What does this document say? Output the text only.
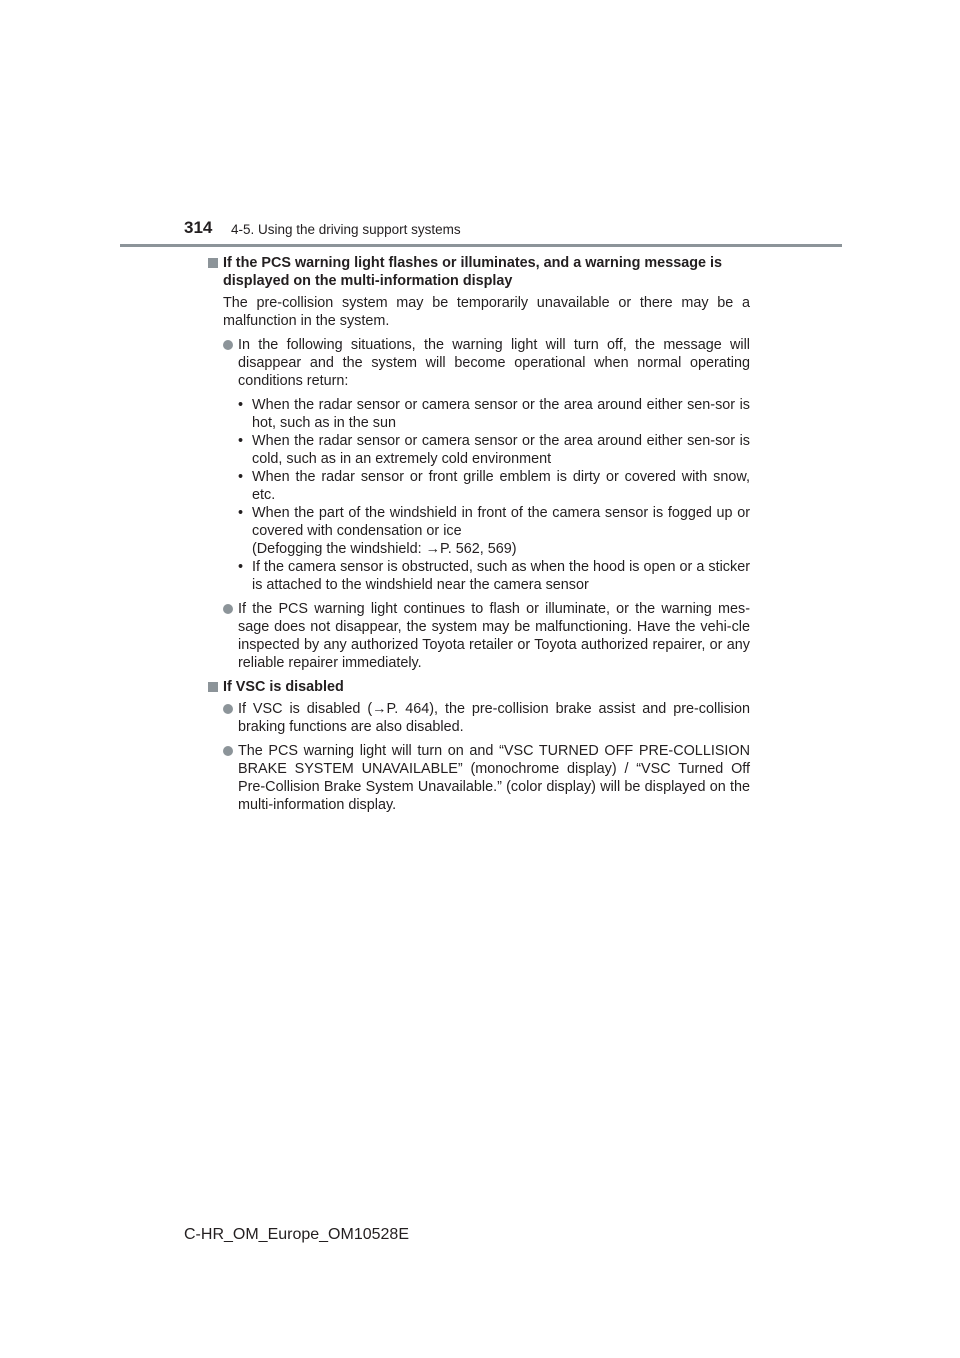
314 4-5. Using the driving support systems
If the PCS warning light flashes or illuminates, and a warning message is displayed on the multi-information display
The pre-collision system may be temporarily unavailable or there may be a malfunction in the system.
In the following situations, the warning light will turn off, the message will disappear and the system will become operational when normal operating conditions return:
• When the radar sensor or camera sensor or the area around either sen-sor is hot, such as in the sun
• When the radar sensor or camera sensor or the area around either sen-sor is cold, such as in an extremely cold environment
• When the radar sensor or front grille emblem is dirty or covered with snow, etc.
• When the part of the windshield in front of the camera sensor is fogged up or covered with condensation or ice
(Defogging the windshield: →P. 562, 569)
• If the camera sensor is obstructed, such as when the hood is open or a sticker is attached to the windshield near the camera sensor
If the PCS warning light continues to flash or illuminate, or the warning mes-sage does not disappear, the system may be malfunctioning. Have the vehi-cle inspected by any authorized Toyota retailer or Toyota authorized repairer, or any reliable repairer immediately.
If VSC is disabled
If VSC is disabled (→P. 464), the pre-collision brake assist and pre-collision braking functions are also disabled.
The PCS warning light will turn on and “VSC TURNED OFF PRE-COLLISION BRAKE SYSTEM UNAVAILABLE” (monochrome display) / “VSC Turned Off Pre-Collision Brake System Unavailable.” (color display) will be displayed on the multi-information display.
C-HR_OM_Europe_OM10528E
